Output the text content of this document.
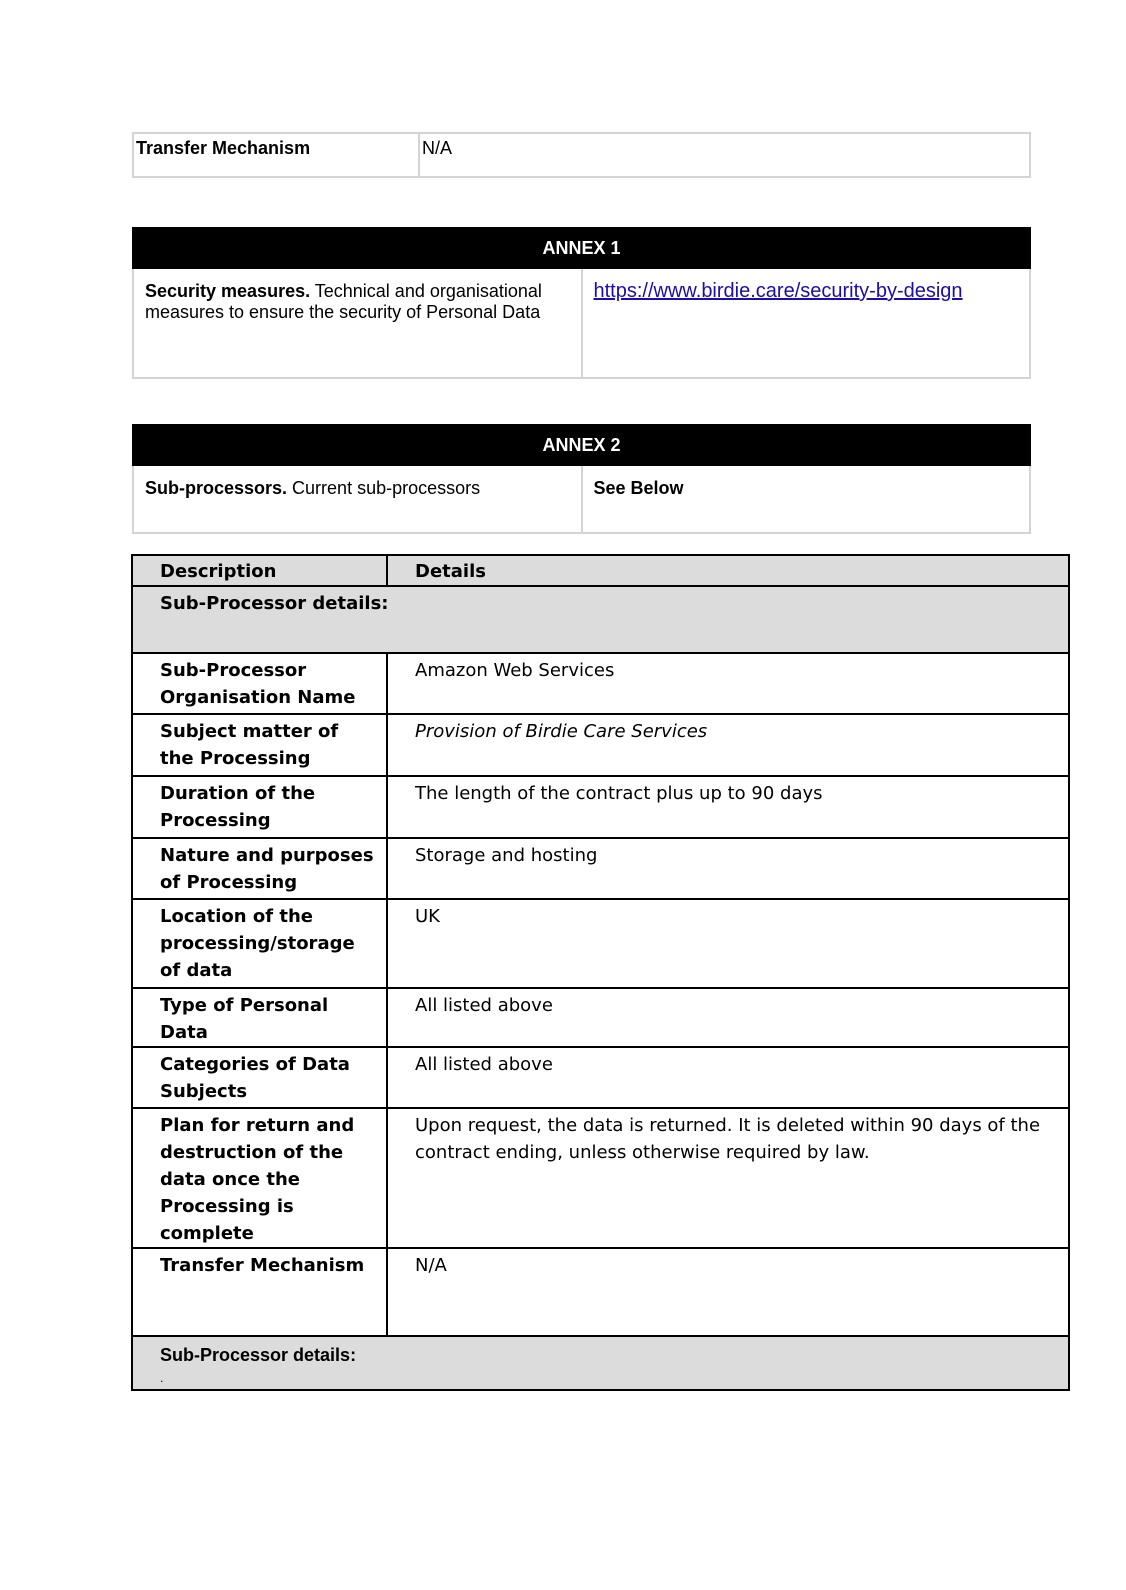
Transfer Mechanism	N/A
ANNEX 1
Security measures. Technical and organisational measures to ensure the security of Personal Data	https://www.birdie.care/security-by-design
ANNEX 2
Sub-processors. Current sub-processors	See Below
Description	Details
Sub-Processor details:	
Sub-Processor Organisation Name	Amazon Web Services
Subject matter of the Processing	Provision of Birdie Care Services
Duration of the Processing	The length of the contract plus up to 90 days
Nature and purposes of Processing	Storage and hosting
Location of the processing/storage of data	UK
Type of Personal Data	All listed above
Categories of Data Subjects	All listed above
Plan for return and destruction of the data once the Processing is complete	Upon request, the data is returned. It is deleted within 90 days of the contract ending, unless otherwise required by law.
Transfer Mechanism	N/A
Sub-Processor details:
.
